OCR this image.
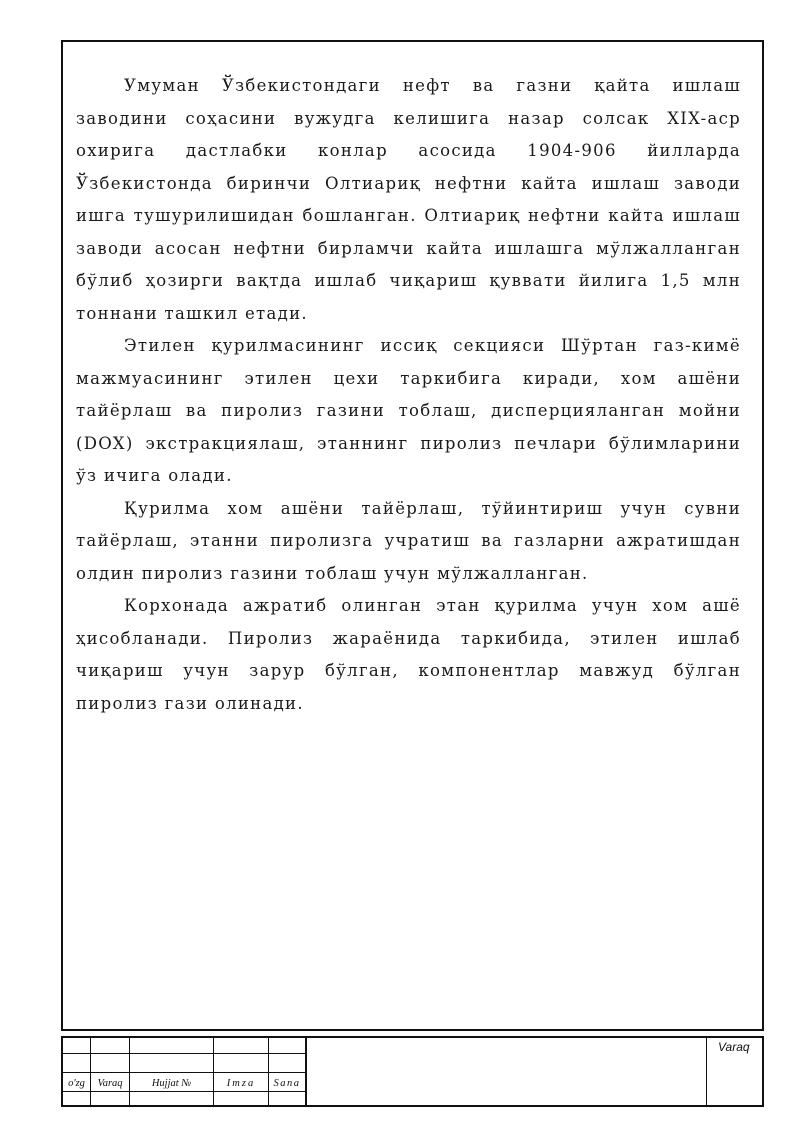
Умуман Ўзбекистондаги нефт ва газни қайта ишлаш заводини соҳасини вужудга келишига назар солсак XIX-аср охирига дастлабки конлар асосида 1904-906 йилларда Ўзбекистонда биринчи Олтиариқ нефтни кайта ишлаш заводи ишга тушурилишидан бошланган. Олтиариқ нефтни кайта ишлаш заводи асосан нефтни бирламчи кайта ишлашга мўлжалланган бўлиб ҳозирги вақтда ишлаб чиқариш қуввати йилига 1,5 млн тоннани ташкил етади.

Этилен қурилмасининг иссиқ секцияси Шўртан газ-кимё мажмуасининг этилен цехи таркибига киради, хом ашёни тайёрлаш ва пиролиз газини тоблаш, дисперцияланган мойни (DOX) экстракциялаш, этаннинг пиролиз печлари бўлимларини ўз ичига олади.

Қурилма хом ашёни тайёрлаш, тўйинтириш учун сувни тайёрлаш, этанни пиролизга учратиш ва газларни ажратишдан олдин пиролиз газини тоблаш учун мўлжалланган.

Корхонада ажратиб олинган этан қурилма учун хом ашё ҳисобланади. Пиролиз жараёнида таркибида, этилен ишлаб чиқариш учун зарур бўлган, компонентлар мавжуд бўлган пиролиз гази олинади.

o'zg	Varaq	Hujjat №	Imza	Sana
Varaq
